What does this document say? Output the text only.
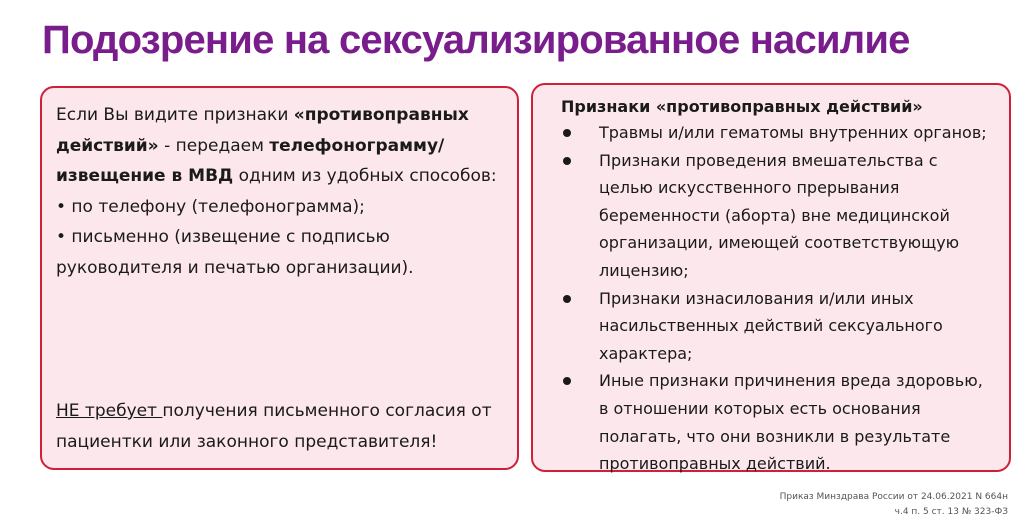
Подозрение на сексуализированное насилие

Если Вы видите признаки «противоправных действий» - передаем телефонограмму/извещение в МВД одним из удобных способов:

• по телефону (телефонограмма);
• письменно (извещение с подписью руководителя и печатью организации).

НЕ требует получения письменного согласия от пациентки или законного представителя!

Признаки «противоправных действий»

Травмы и/или гематомы внутренних органов;
Признаки проведения вмешательства с целью искусственного прерывания беременности (аборта) вне медицинской организации, имеющей соответствующую лицензию;
Признаки изнасилования и/или иных насильственных действий сексуального характера;
Иные признаки причинения вреда здоровью, в отношении которых есть основания полагать, что они возникли в результате противоправных действий.
Приказ Минздрава России от 24.06.2021 N 664н
ч.4 п. 5 ст. 13 № 323-ФЗ
